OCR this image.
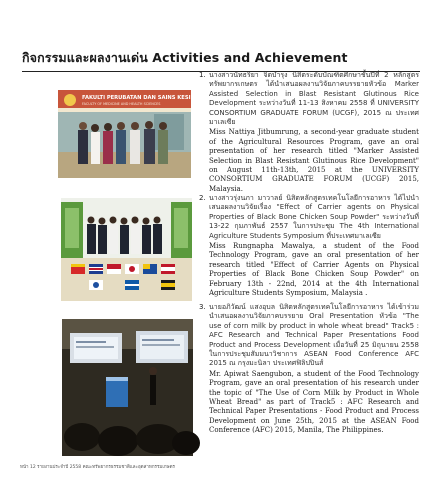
กิจกรรมและผลงานเด่น Activities and Achievement
FAKULTI PERUBATAN DAN SAINS KESIHATAN
FACULTY OF MEDICINE AND HEALTH SCIENCES
1. นางสาวนัทธริยา จิตบำรุง นิสิตระดับบัณฑิตศึกษาชั้นปีที่ 2 หลักสูตรทรัพยากรเกษตร ได้นำเสนอผลงานวิจัยภาคบรรยายหัวข้อ Marker Assisted Selection in Blast Resistant Glutinous Rice Development ระหว่างวันที่ 11-13 สิงหาคม 2558 ที่ UNIVERSITY CONSORTIUM GRADUATE FORUM (UCGF), 2015 ณ ประเทศมาเลเซีย
Miss Nattiya Jitbumrung, a second-year graduate student of the Agricultural Resources Program, gave an oral presentation of her research titled "Marker Assisted Selection in Blast Resistant Glutinous Rice Development" on August 11th-13th, 2015 at the UNIVERSITY CONSORTIUM GRADUATE FORUM (UCGF) 2015, Malaysia.
2. นางสาวรุ่งนภา มาวาลย์ นิสิตหลักสูตรเทคโนโลยีการอาหาร ได้ไปนำเสนอผลงานวิจัยเรื่อง "Effect of Carrier agents on Physical Properties of Black Bone Chicken Soup Powder" ระหว่างวันที่ 13-22 กุมภาพันธ์ 2557 ในการประชุม The 4th International Agriculture Students Symposium ที่ประเทศมาเลเซีย
Miss Rungnapha Mawalya, a student of the Food Technology Program, gave an oral presentation of her research titled "Effect of Carrier Agents on Physical Properties of Black Bone Chicken Soup Powder" on February 13th - 22nd, 2014 at the 4th International Agriculture Students Symposium, Malaysia .
3. นายอภิวัฒน์ แสงอุบล นิสิตหลักสูตรเทคโนโลยีการอาหาร ได้เข้าร่วมนำเสนอผลงานวิจัยภาคบรรยาย Oral Presentation หัวข้อ "The use of corn milk by product in whole wheat bread" Track5 : AFC Research and Technical Paper Presentations Food Product and Process Development เมื่อวันที่ 25 มิถุนายน 2558 ในการประชุมสัมมนาวิชาการ ASEAN Food Conference AFC 2015 ณ กรุงมะนิลา ประเทศฟิลิปปินส์
Mr. Apiwat Saengubon, a student of the Food Technology Program, gave an oral presentation of his research under the topic of "The Use of Corn Milk by Product in Whole Wheat Bread" as part of Track5 : AFC Research and Technical Paper Presentations - Food Product and Process Development on June 25th, 2015 at the ASEAN Food Conference (AFC) 2015, Manila, The Philippines.
หน้า 12 รายงานประจำปี 2558 คณะทรัพยากรธรรมชาติและอุตสาหกรรมเกษตร
